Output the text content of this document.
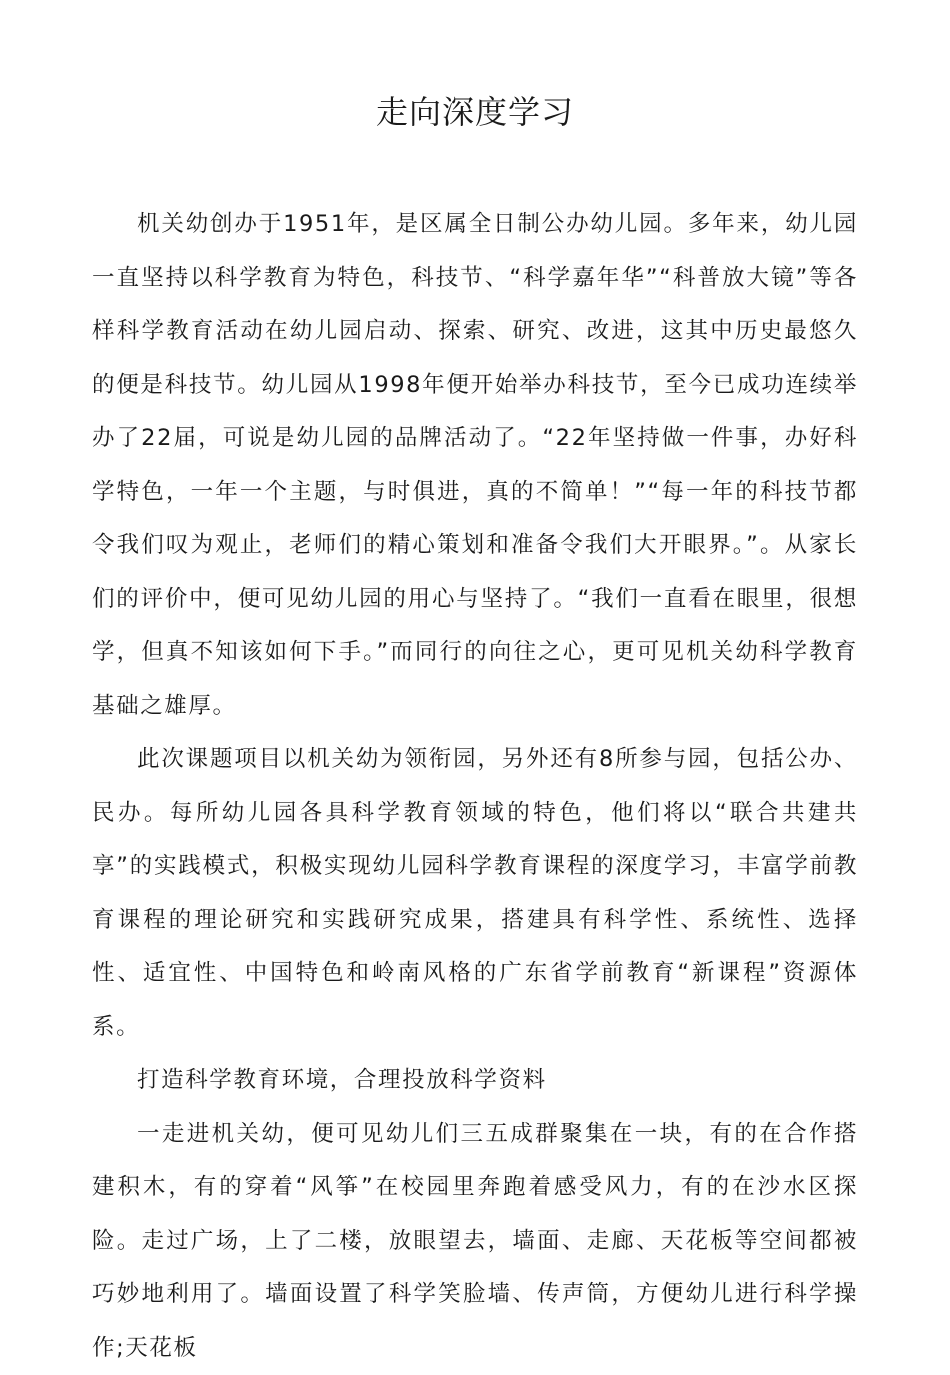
走向深度学习

机关幼创办于1951年，是区属全日制公办幼儿园。多年来，幼儿园一直坚持以科学教育为特色，科技节、“科学嘉年华”“科普放大镜”等各样科学教育活动在幼儿园启动、探索、研究、改进，这其中历史最悠久的便是科技节。幼儿园从1998年便开始举办科技节，至今已成功连续举办了22届，可说是幼儿园的品牌活动了。“22年坚持做一件事，办好科学特色，一年一个主题，与时俱进，真的不简单！”“每一年的科技节都令我们叹为观止，老师们的精心策划和准备令我们大开眼界。”。从家长们的评价中，便可见幼儿园的用心与坚持了。“我们一直看在眼里，很想学，但真不知该如何下手。”而同行的向往之心，更可见机关幼科学教育基础之雄厚。

此次课题项目以机关幼为领衔园，另外还有8所参与园，包括公办、民办。每所幼儿园各具科学教育领域的特色，他们将以“联合共建共享”的实践模式，积极实现幼儿园科学教育课程的深度学习，丰富学前教育课程的理论研究和实践研究成果，搭建具有科学性、系统性、选择性、适宜性、中国特色和岭南风格的广东省学前教育“新课程”资源体系。

打造科学教育环境，合理投放科学资料

一走进机关幼，便可见幼儿们三五成群聚集在一块，有的在合作搭建积木，有的穿着“风筝”在校园里奔跑着感受风力，有的在沙水区探险。走过广场，上了二楼，放眼望去，墙面、走廊、天花板等空间都被巧妙地利用了。墙面设置了科学笑脸墙、传声筒，方便幼儿进行科学操作;天花板
